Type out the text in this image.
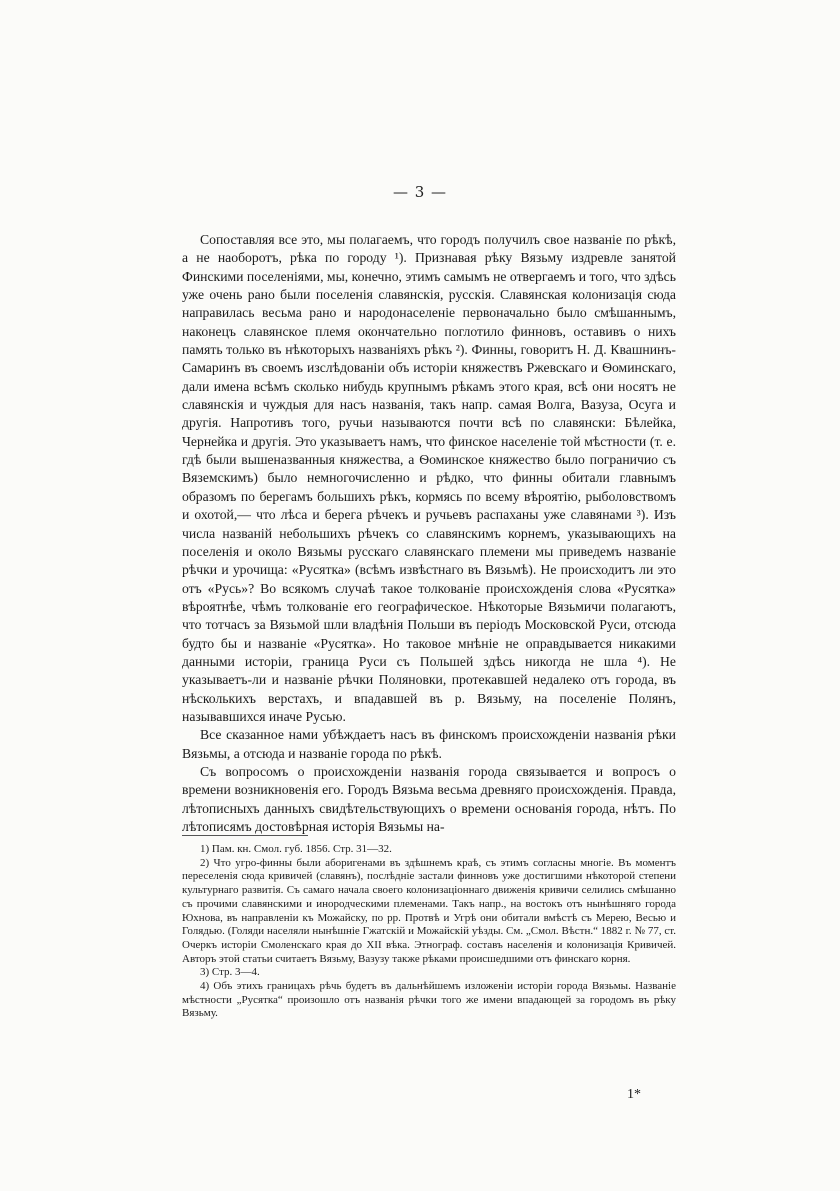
— 3 —

Сопоставляя все это, мы полагаемъ, что городъ получилъ свое названіе по рѣкѣ, а не наоборотъ, рѣка по городу ¹). Признавая рѣку Вязьму издревле занятой Финскими поселеніями, мы, конечно, этимъ самымъ не отвергаемъ и того, что здѣсь уже очень рано были поселенія славянскія, русскія. Славянская колонизація сюда направилась весьма рано и народонаселеніе первоначально было смѣшаннымъ, наконецъ славянское племя окончательно поглотило финновъ, оставивъ о нихъ память только въ нѣкоторыхъ названіяхъ рѣкъ ²). Финны, говоритъ Н. Д. Квашнинъ-Самаринъ въ своемъ изслѣдованіи объ исторіи княжествъ Ржевскаго и Ѳоминскаго, дали имена всѣмъ сколько нибудь крупнымъ рѣкамъ этого края, всѣ они носятъ не славянскія и чуждыя для насъ названія, такъ напр. самая Волга, Вазуза, Осуга и другія. Напротивъ того, ручьи называются почти всѣ по славянски: Бѣлейка, Чернейка и другія. Это указываетъ намъ, что финское населеніе той мѣстности (т. е. гдѣ были вышеназванныя княжества, а Ѳоминское княжество было пограничио съ Вяземскимъ) было немногочисленно и рѣдко, что финны обитали главнымъ образомъ по берегамъ большихъ рѣкъ, кормясь по всему вѣроятію, рыболовствомъ и охотой,— что лѣса и берега рѣчекъ и ручьевъ распаханы уже славянами ³). Изъ числа названій небольшихъ рѣчекъ со славянскимъ корнемъ, указывающихъ на поселенія и около Вязьмы русскаго славянскаго племени мы приведемъ названіе рѣчки и урочища: «Русятка» (всѣмъ извѣстнаго въ Вязьмѣ). Не происходитъ ли это отъ «Русь»? Во всякомъ случаѣ такое толкованіе происхожденія слова «Русятка» вѣроятнѣе, чѣмъ толкованіе его географическое. Нѣкоторые Вязьмичи полагаютъ, что тотчасъ за Вязьмой шли владѣнія Польши въ періодъ Московской Руси, отсюда будто бы и названіе «Русятка». Но таковое мнѣніе не оправдывается никакими данными исторіи, граница Руси съ Польшей здѣсь никогда не шла ⁴). Не указываетъ-ли и названіе рѣчки Поляновки, протекавшей недалеко отъ города, въ нѣсколькихъ верстахъ, и впадавшей въ р. Вязьму, на поселеніе Полянъ, называвшихся иначе Русью.

Все сказанное нами убѣждаетъ насъ въ финскомъ происхожденіи названія рѣки Вязьмы, а отсюда и названіе города по рѣкѣ.

Съ вопросомъ о происхожденіи названія города связывается и вопросъ о времени возникновенія его. Городъ Вязьма весьма древняго происхожденія. Правда, лѣтописныхъ данныхъ свидѣтельствующихъ о времени основанія города, нѣтъ. По лѣтописямъ достовѣрная исторія Вязьмы на-

1) Пам. кн. Смол. губ. 1856. Стр. 31—32.

2) Что угро-финны были аборигенами въ здѣшнемъ краѣ, съ этимъ согласны многіе. Въ моментъ переселенія сюда кривичей (славянъ), послѣдніе застали финновъ уже достигшими нѣкоторой степени культурнаго развитія. Съ самаго начала своего колонизаціоннаго движенія кривичи селились смѣшанно съ прочими славянскими и инородческими племенами. Такъ напр., на востокъ отъ нынѣшняго города Юхнова, въ направленіи къ Можайску, по рр. Протвѣ и Угрѣ они обитали вмѣстѣ съ Мерею, Весью и Голядью. (Голяди населяли нынѣшніе Гжатскій и Можайскій уѣзды. См. „Смол. Вѣстн.“ 1882 г. № 77, ст. Очеркъ исторіи Смоленскаго края до XII вѣка. Этнограф. составъ населенія и колонизація Кривичей. Авторъ этой статьи считаетъ Вязьму, Вазузу также рѣками происшедшими отъ финскаго корня.

3) Стр. 3—4.

4) Объ этихъ границахъ рѣчь будетъ въ дальнѣйшемъ изложеніи исторіи города Вязьмы. Названіе мѣстности „Русятка“ произошло отъ названія рѣчки того же имени впадающей за городомъ въ рѣку Вязьму.

1*
